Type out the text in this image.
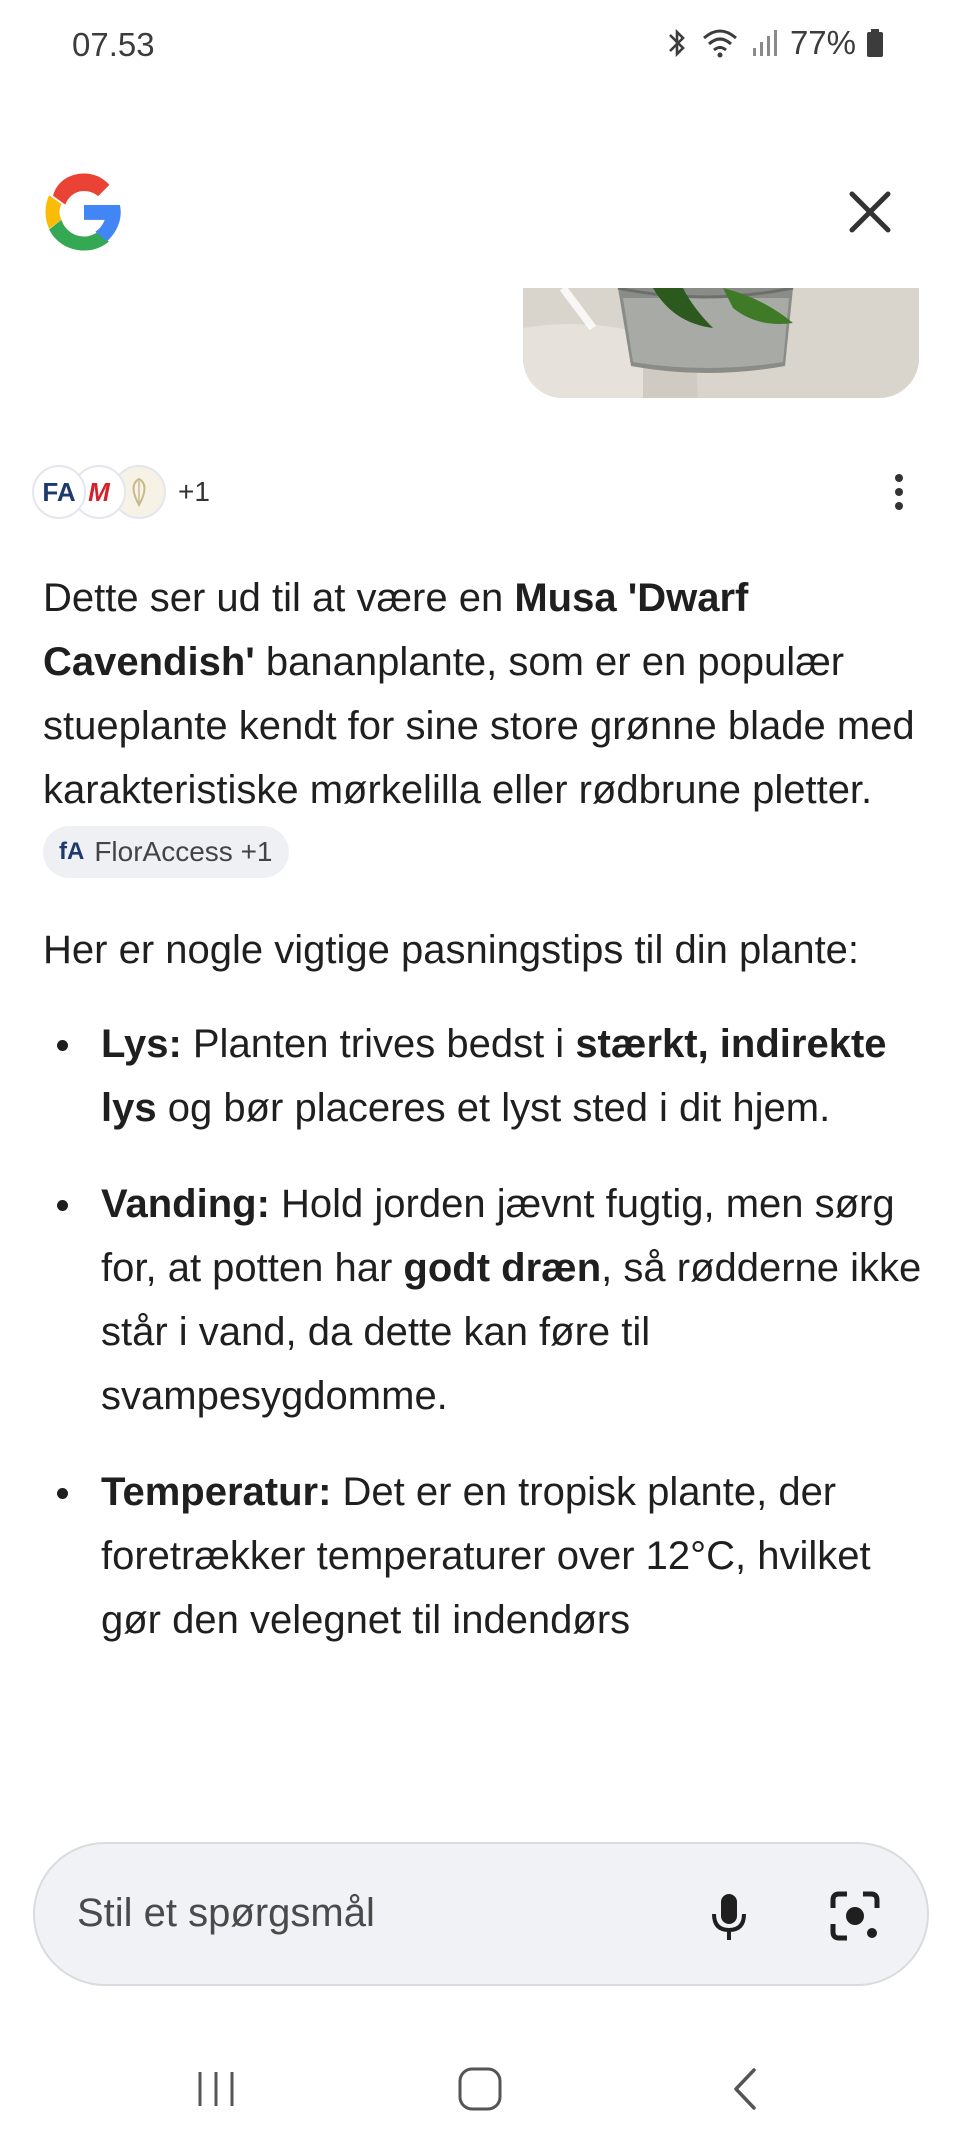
07.53	77%
FA M	+1

Dette ser ud til at være en Musa 'Dwarf Cavendish' bananplante, som er en populær stueplante kendt for sine store grønne blade med karakteristiske mørkelilla eller rødbrune pletter.
fA FlorAccess +1

Her er nogle vigtige pasningstips til din plante:

Lys: Planten trives bedst i stærkt, indirekte lys og bør placeres et lyst sted i dit hjem.
Vanding: Hold jorden jævnt fugtig, men sørg for, at potten har godt dræn, så rødderne ikke står i vand, da dette kan føre til svampesygdomme.
Temperatur: Det er en tropisk plante, der foretrækker temperaturer over 12°C, hvilket gør den velegnet til indendørs
Stil et spørgsmål
